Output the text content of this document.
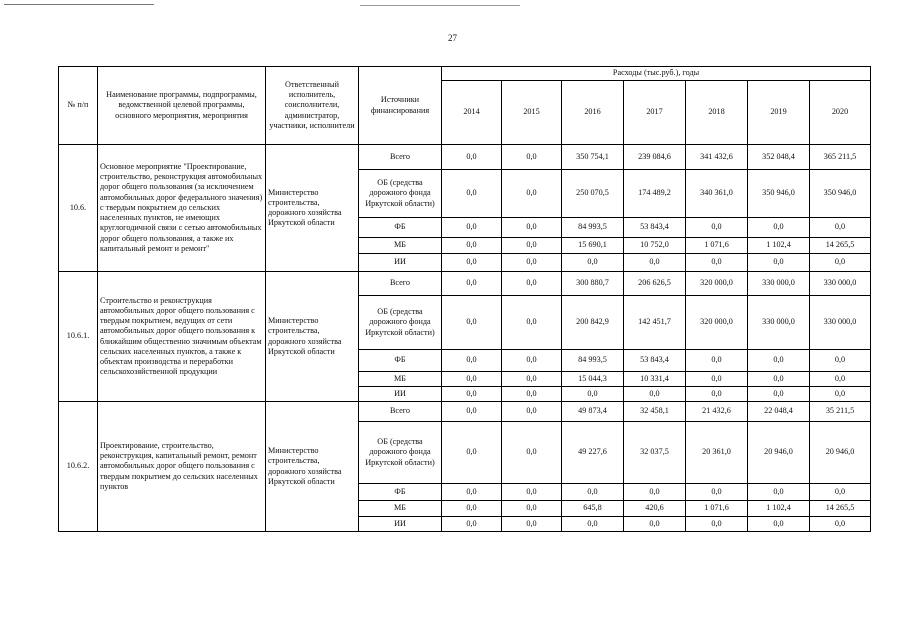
27
№ п/п	Наименование программы, подпрограммы, ведомственной целевой программы, основного мероприятия, мероприятия	Ответственный исполнитель, соисполнители, администратор, участники, исполнители	Источники финансирования	Расходы (тыс.руб.), годы						
				2014	2015	2016	2017	2018	2019	2020
10.6.	Основное мероприятие "Проектирование, строительство, реконструкция автомобильных дорог общего пользования (за исключением автомобильных дорог федерального значения) с твердым покрытием до сельских населенных пунктов, не имеющих круглогодичной связи с сетью автомобильных дорог общего пользования, а также их капитальный ремонт и ремонт"	Министерство строительства, дорожного хозяйства Иркутской области	Всего	0,0	0,0	350 754,1	239 084,6	341 432,6	352 048,4	365 211,5
			ОБ (средства дорожного фонда Иркутской области)	0,0	0,0	250 070,5	174 489,2	340 361,0	350 946,0	350 946,0
			ФБ	0,0	0,0	84 993,5	53 843,4	0,0	0,0	0,0
			МБ	0,0	0,0	15 690,1	10 752,0	1 071,6	1 102,4	14 265,5
			ИИ	0,0	0,0	0,0	0,0	0,0	0,0	0,0
10.6.1.	Строительство и реконструкция автомобильных дорог общего пользования с твердым покрытием, ведущих от сети автомобильных дорог общего пользования к ближайшим общественно значимым объектам сельских населенных пунктов, а также к объектам производства и переработки сельскохозяйственной продукции	Министерство строительства, дорожного хозяйства Иркутской области	Всего	0,0	0,0	300 880,7	206 626,5	320 000,0	330 000,0	330 000,0
			ОБ (средства дорожного фонда Иркутской области)	0,0	0,0	200 842,9	142 451,7	320 000,0	330 000,0	330 000,0
			ФБ	0,0	0,0	84 993,5	53 843,4	0,0	0,0	0,0
			МБ	0,0	0,0	15 044,3	10 331,4	0,0	0,0	0,0
			ИИ	0,0	0,0	0,0	0,0	0,0	0,0	0,0
10.6.2.	Проектирование, строительство, реконструкция, капитальный ремонт, ремонт автомобильных дорог общего пользования с твердым покрытием до сельских населенных пунктов	Министерство строительства, дорожного хозяйства Иркутской области	Всего	0,0	0,0	49 873,4	32 458,1	21 432,6	22 048,4	35 211,5
			ОБ (средства дорожного фонда Иркутской области)	0,0	0,0	49 227,6	32 037,5	20 361,0	20 946,0	20 946,0
			ФБ	0,0	0,0	0,0	0,0	0,0	0,0	0,0
			МБ	0,0	0,0	645,8	420,6	1 071,6	1 102,4	14 265,5
			ИИ	0,0	0,0	0,0	0,0	0,0	0,0	0,0
